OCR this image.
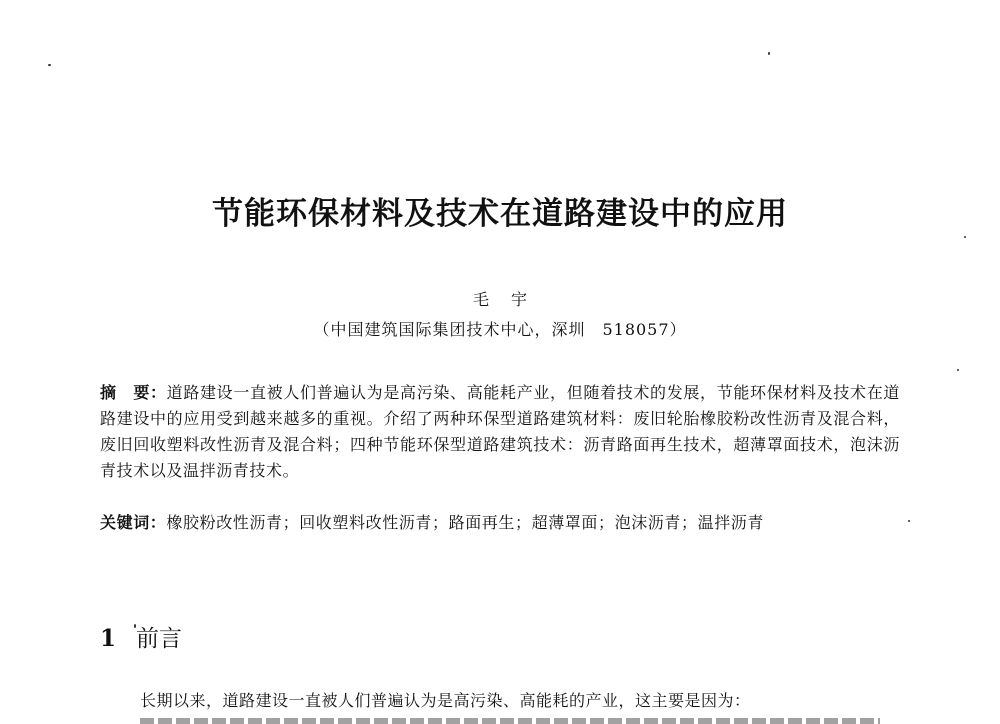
节能环保材料及技术在道路建设中的应用
毛宇
（中国建筑国际集团技术中心，深圳　518057）

摘　要：道路建设一直被人们普遍认为是高污染、高能耗产业，但随着技术的发展，节能环保材料及技术在道路建设中的应用受到越来越多的重视。介绍了两种环保型道路建筑材料：废旧轮胎橡胶粉改性沥青及混合料，废旧回收塑料改性沥青及混合料；四种节能环保型道路建筑技术：沥青路面再生技术，超薄罩面技术，泡沫沥青技术以及温拌沥青技术。

关键词：橡胶粉改性沥青；回收塑料改性沥青；路面再生；超薄罩面；泡沫沥青；温拌沥青

1 前言

长期以来，道路建设一直被人们普遍认为是高污染、高能耗的产业，这主要是因为：
